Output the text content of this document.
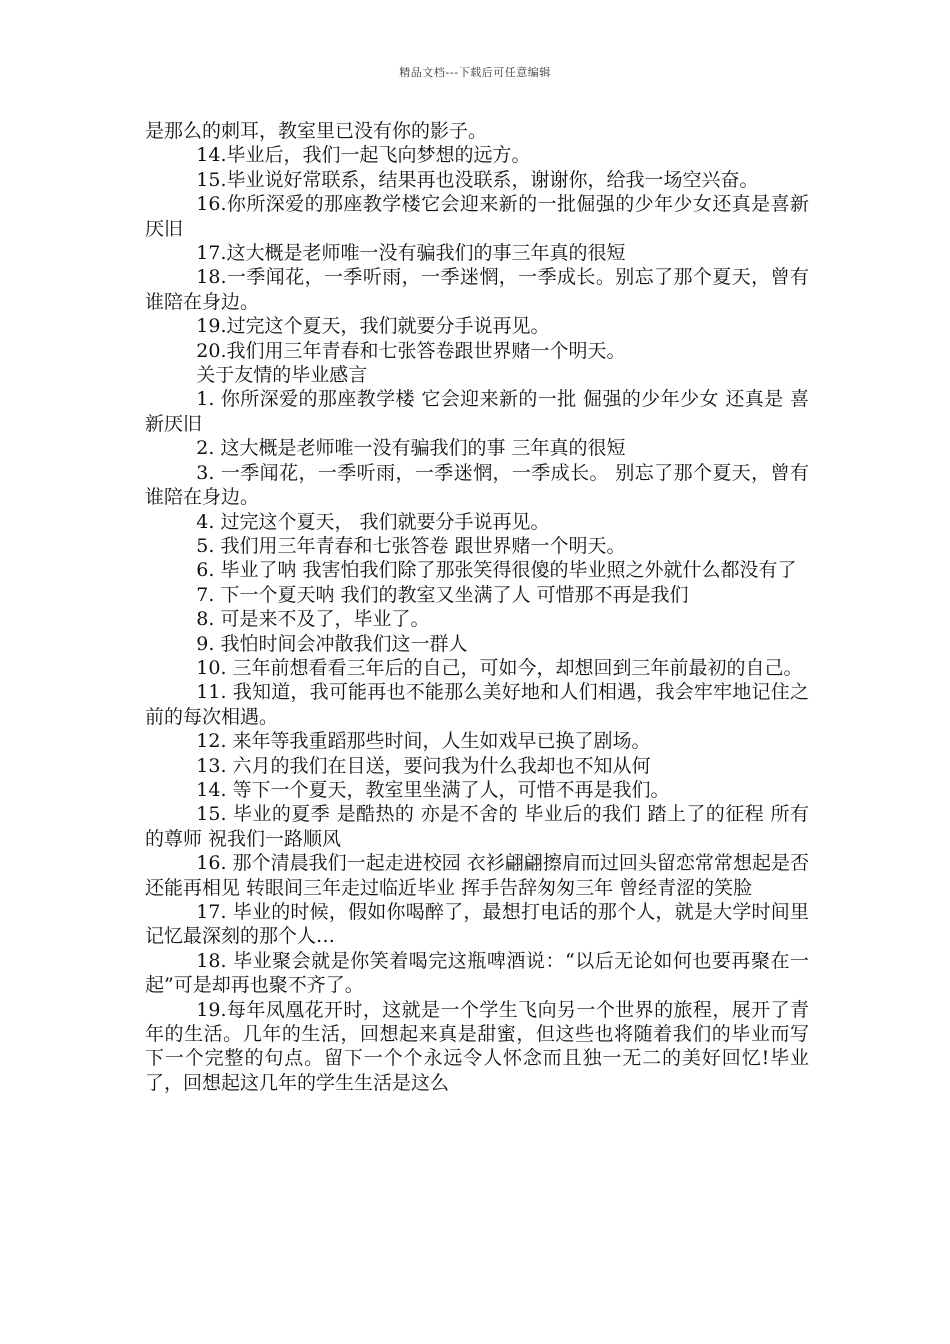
精品文档---下载后可任意编辑

是那么的刺耳，教室里已没有你的影子。

14.毕业后，我们一起飞向梦想的远方。

15.毕业说好常联系，结果再也没联系，谢谢你，给我一场空兴奋。

16.你所深爱的那座教学楼它会迎来新的一批倔强的少年少女还真是喜新厌旧

17.这大概是老师唯一没有骗我们的事三年真的很短

18.一季闻花，一季听雨，一季迷惘，一季成长。别忘了那个夏天，曾有谁陪在身边。

19.过完这个夏天，我们就要分手说再见。

20.我们用三年青春和七张答卷跟世界赌一个明天。

关于友情的毕业感言

1. 你所深爱的那座教学楼 它会迎来新的一批 倔强的少年少女 还真是 喜新厌旧

2. 这大概是老师唯一没有骗我们的事 三年真的很短

3. 一季闻花，一季听雨，一季迷惘，一季成长。 别忘了那个夏天，曾有谁陪在身边。

4. 过完这个夏天， 我们就要分手说再见。

5. 我们用三年青春和七张答卷 跟世界赌一个明天。

6. 毕业了呐 我害怕我们除了那张笑得很傻的毕业照之外就什么都没有了

7. 下一个夏天呐 我们的教室又坐满了人 可惜那不再是我们

8. 可是来不及了，毕业了。

9. 我怕时间会冲散我们这一群人

10. 三年前想看看三年后的自己，可如今，却想回到三年前最初的自己。

11. 我知道，我可能再也不能那么美好地和人们相遇，我会牢牢地记住之前的每次相遇。

12. 来年等我重蹈那些时间，人生如戏早已换了剧场。

13. 六月的我们在目送，要问我为什么我却也不知从何

14. 等下一个夏天，教室里坐满了人，可惜不再是我们。

15. 毕业的夏季 是酷热的 亦是不舍的 毕业后的我们 踏上了的征程 所有的尊师 祝我们一路顺风

16. 那个清晨我们一起走进校园 衣衫翩翩擦肩而过回头留恋常常想起是否还能再相见 转眼间三年走过临近毕业 挥手告辞匆匆三年 曾经青涩的笑脸

17. 毕业的时候，假如你喝醉了，最想打电话的那个人，就是大学时间里记忆最深刻的那个人…

18. 毕业聚会就是你笑着喝完这瓶啤酒说：“以后无论如何也要再聚在一起”可是却再也聚不齐了。

19.每年凤凰花开时，这就是一个学生飞向另一个世界的旅程，展开了青年的生活。几年的生活，回想起来真是甜蜜，但这些也将随着我们的毕业而写下一个完整的句点。留下一个个永远令人怀念而且独一无二的美好回忆!毕业了，回想起这几年的学生生活是这么
